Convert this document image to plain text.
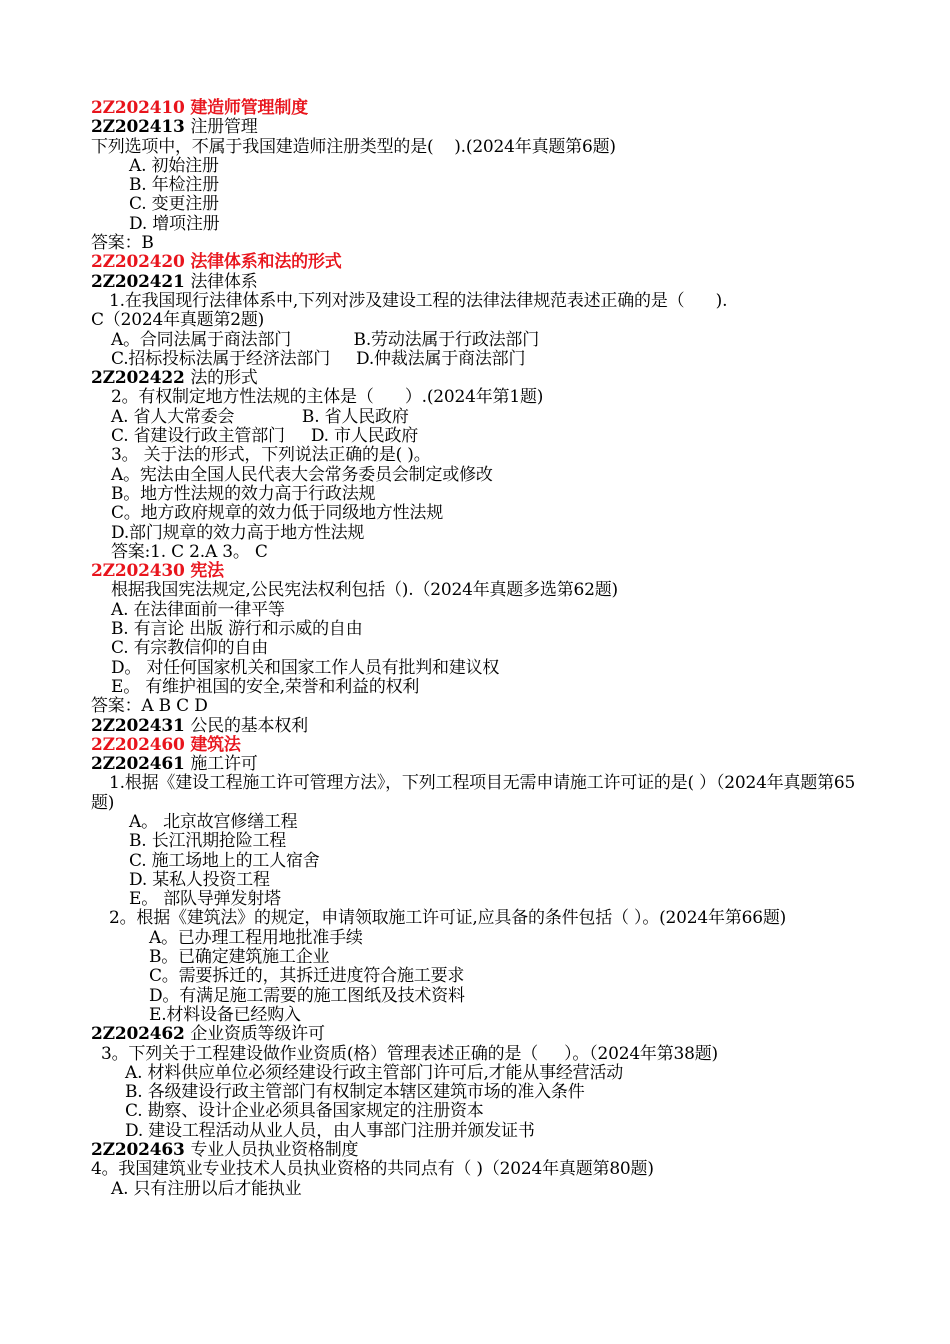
2Z202410 建造师管理制度
2Z202413 注册管理
下列选项中，不属于我国建造师注册类型的是(    ).(2024年真题第6题)
A. 初始注册
B. 年检注册
C. 变更注册
D. 增项注册
答案：B
2Z202420 法律体系和法的形式
2Z202421 法律体系
1.在我国现行法律体系中,下列对涉及建设工程的法律法律规范表述正确的是（      ).
C（2024年真题第2题)
A。合同法属于商法部门            B.劳动法属于行政法部门
C.招标投标法属于经济法部门     D.仲裁法属于商法部门
2Z202422 法的形式
2。有权制定地方性法规的主体是（      ）.(2024年第1题)
A. 省人大常委会             B. 省人民政府
C. 省建设行政主管部门     D. 市人民政府
3。 关于法的形式，下列说法正确的是( )。
A。宪法由全国人民代表大会常务委员会制定或修改
B。地方性法规的效力高于行政法规
C。地方政府规章的效力低于同级地方性法规
D.部门规章的效力高于地方性法规
答案:1. C 2.A 3。 C
2Z202430 宪法
根据我国宪法规定,公民宪法权利包括（).（2024年真题多选第62题)
A. 在法律面前一律平等
B. 有言论 出版 游行和示威的自由
C. 有宗教信仰的自由
D。 对任何国家机关和国家工作人员有批判和建议权
E。 有维护祖国的安全,荣誉和利益的权利
答案：A B C D
2Z202431 公民的基本权利
2Z202460 建筑法
2Z202461 施工许可
1.根据《建设工程施工许可管理方法》，下列工程项目无需申请施工许可证的是( ）（2024年真题第65题)
A。 北京故宫修缮工程
B. 长江汛期抢险工程
C. 施工场地上的工人宿舍
D. 某私人投资工程
E。 部队导弹发射塔
2。根据《建筑法》的规定，申请领取施工许可证,应具备的条件包括（ ）。(2024年第66题)
A。已办理工程用地批准手续
B。已确定建筑施工企业
C。需要拆迁的，其拆迁进度符合施工要求
D。有满足施工需要的施工图纸及技术资料
E.材料设备已经购入
2Z202462 企业资质等级许可
3。下列关于工程建设做作业资质(格）管理表述正确的是（     ）。（2024年第38题)
A. 材料供应单位必须经建设行政主管部门许可后,才能从事经营活动
B. 各级建设行政主管部门有权制定本辖区建筑市场的准入条件
C. 勘察、设计企业必须具备国家规定的注册资本
D. 建设工程活动从业人员，由人事部门注册并颁发证书
2Z202463 专业人员执业资格制度
4。我国建筑业专业技术人员执业资格的共同点有（ )（2024年真题第80题)
A. 只有注册以后才能执业
